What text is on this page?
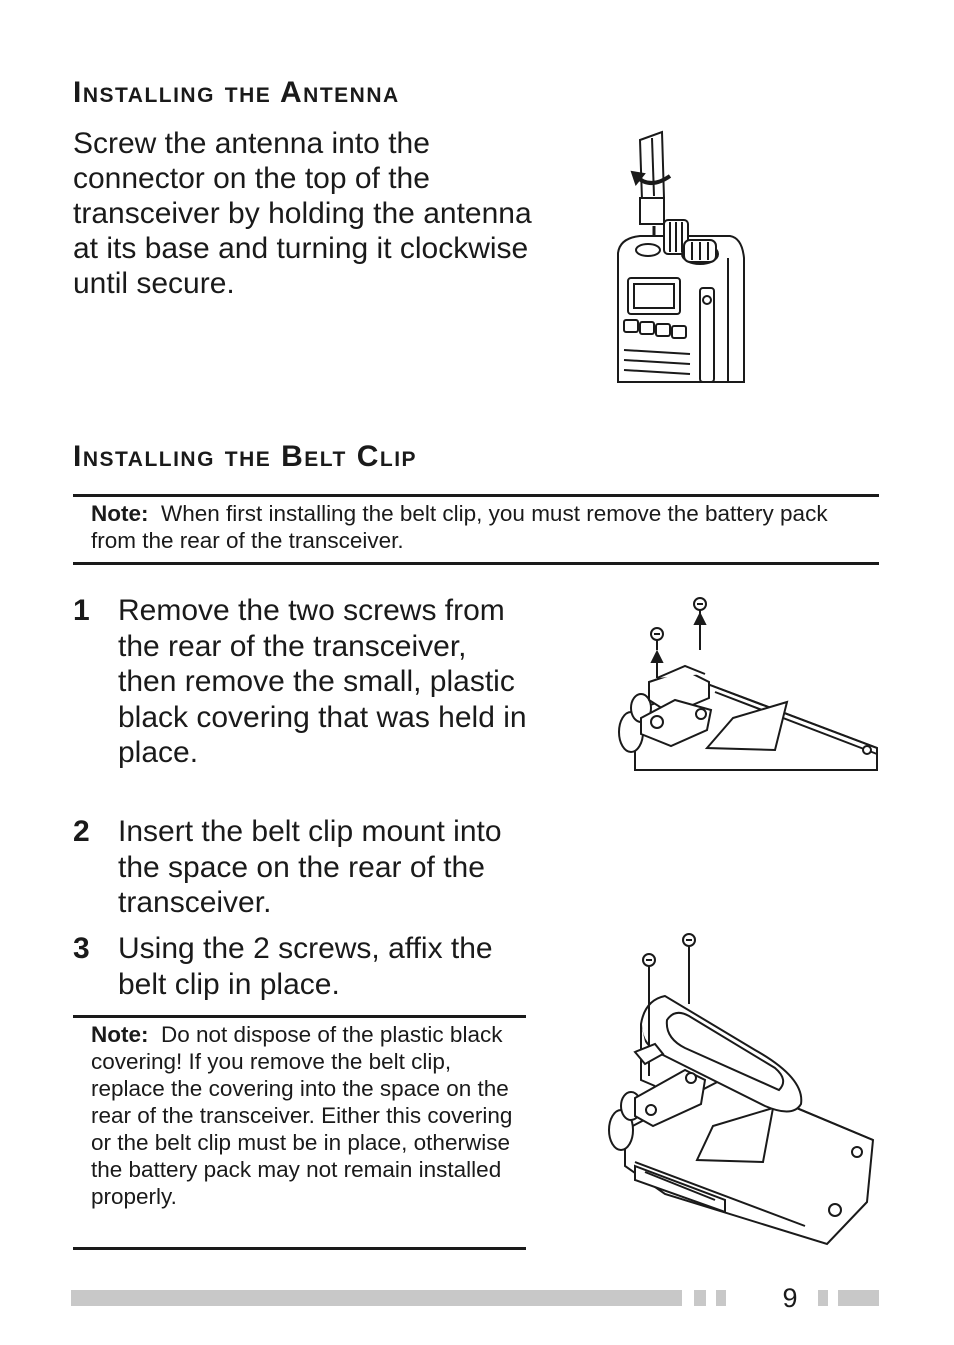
Installing the Antenna
Screw the antenna into the connector on the top of the transceiver by holding the antenna at its base and turning it clockwise until secure.
Installing the Belt Clip
Note: When first installing the belt clip, you must remove the battery pack from the rear of the transceiver.
1 Remove the two screws from the rear of the transceiver, then remove the small, plastic black covering that was held in place.
2 Insert the belt clip mount into the space on the rear of the transceiver.
3 Using the 2 screws, affix the belt clip in place.
Note: Do not dispose of the plastic black covering! If you remove the belt clip, replace the covering into the space on the rear of the transceiver. Either this covering or the belt clip must be in place, otherwise the battery pack may not remain installed properly.
9
